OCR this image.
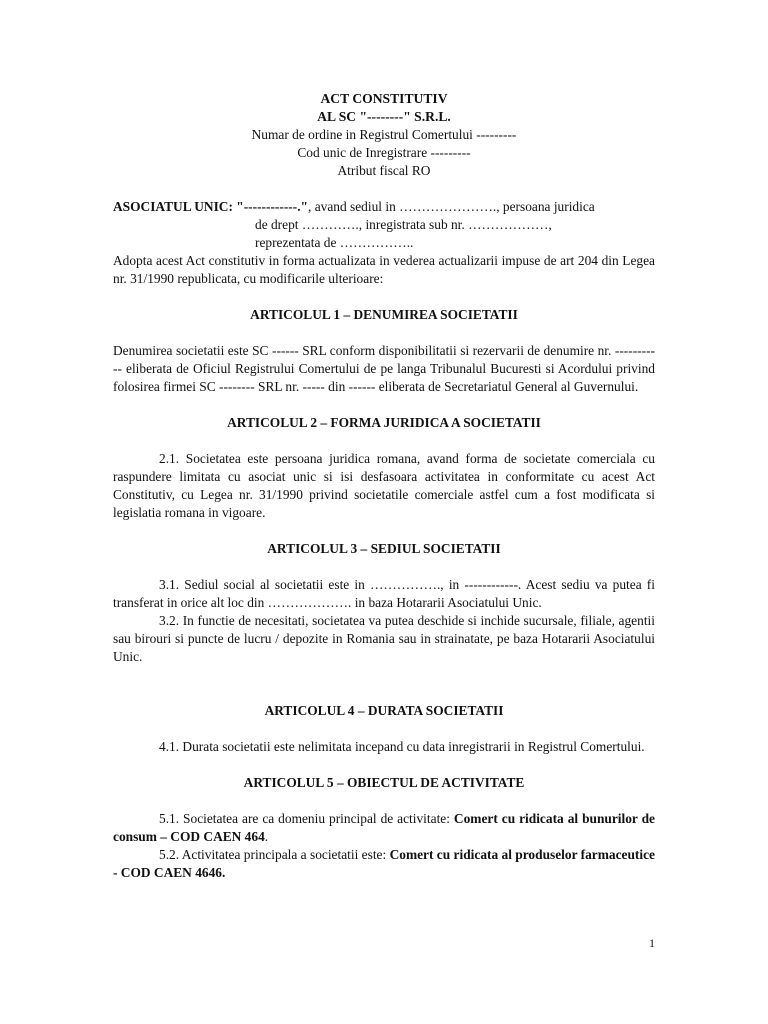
ACT CONSTITUTIV
AL SC "--------" S.R.L.
Numar de ordine in Registrul Comertului ---------
Cod unic de Inregistrare ---------
Atribut fiscal RO

ASOCIATUL UNIC: "------------.", avand sediul in …………………., persoana juridica

de drept …………., inregistrata sub nr. ………………,

reprezentata de ……………..

Adopta acest Act constitutiv in forma actualizata in vederea actualizarii impuse de art 204 din Legea nr. 31/1990 republicata, cu modificarile ulterioare:

ARTICOLUL 1 – DENUMIREA SOCIETATII

Denumirea societatii este SC ------ SRL conform disponibilitatii si rezervarii de denumire nr. ----------- eliberata de Oficiul Registrului Comertului de pe langa Tribunalul Bucuresti si Acordului privind folosirea firmei SC -------- SRL nr. ----- din ------ eliberata de Secretariatul General al Guvernului.

ARTICOLUL 2 – FORMA JURIDICA A SOCIETATII

2.1. Societatea este persoana juridica romana, avand forma de societate comerciala cu raspundere limitata cu asociat unic si isi desfasoara activitatea in conformitate cu acest Act Constitutiv, cu Legea nr. 31/1990 privind societatile comerciale astfel cum a fost modificata si legislatia romana in vigoare.

ARTICOLUL 3 – SEDIUL SOCIETATII

3.1. Sediul social al societatii este in ……………., in ------------. Acest sediu va putea fi transferat in orice alt loc din ………………. in baza Hotararii Asociatului Unic.

3.2. In functie de necesitati, societatea va putea deschide si inchide sucursale, filiale, agentii sau birouri si puncte de lucru / depozite in Romania sau in strainatate, pe baza Hotararii Asociatului Unic.

ARTICOLUL 4 – DURATA SOCIETATII

4.1. Durata societatii este nelimitata incepand cu data inregistrarii in Registrul Comertului.

ARTICOLUL 5 – OBIECTUL DE ACTIVITATE

5.1. Societatea are ca domeniu principal de activitate: Comert cu ridicata al bunurilor de consum – COD CAEN 464.

5.2. Activitatea principala a societatii este: Comert cu ridicata al produselor farmaceutice - COD CAEN 4646.

1
